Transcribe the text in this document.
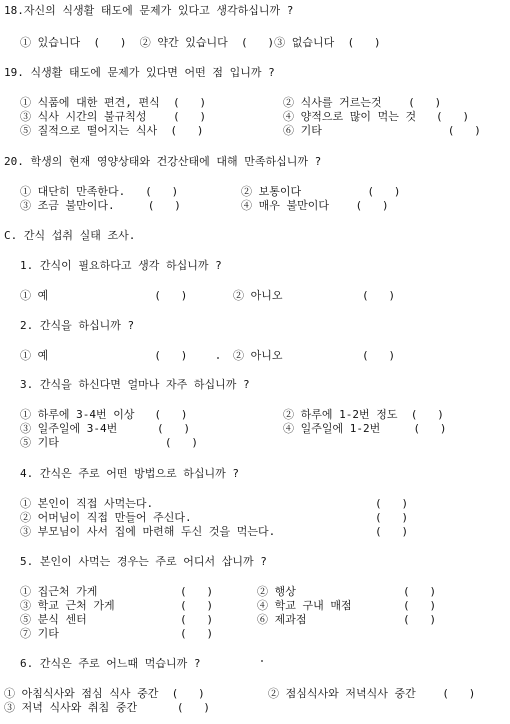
18.자신의 식생활 태도에 문제가 있다고 생각하십니까 ?
① 있습니다  (   )  ② 약간 있습니다  (   )③ 없습니다  (   )
19. 식생활 태도에 문제가 있다면 어떤 점 입니까 ?
① 식품에 대한 편견, 편식  (   )	② 식사를 거르는것    (   )
③ 식사 시간의 불규칙성    (   )	④ 양적으로 많이 먹는 것   (   )
⑤ 질적으로 떨어지는 식사  (   )	⑥ 기타                   (   )
20. 학생의 현재 영양상태와 건강산태에 대해 만족하십니까 ?
① 대단히 만족한다.   (   )	② 보통이다          (   )
③ 조금 불만이다.     (   )	④ 매우 불만이다    (   )
C. 간식 섭취 실태 조사.
1. 간식이 필요하다고 생각 하십니까 ?
① 예                (   )	② 아니오            (   )
2. 간식을 하십니까 ?
① 예                (   )	② 아니오            (   )
3. 간식을 하신다면 얼마나 자주 하십니까 ?
① 하루에 3-4번 이상   (   )	② 하루에 1-2번 정도  (   )
③ 일주일에 3-4번      (   )	④ 일주일에 1-2번     (   )
⑤ 기타                (   )
4. 간식은 주로 어떤 방법으로 하십니까 ?
① 본인이 직접 사먹는다.	(   )
② 어머님이 직접 만들어 주신다.	(   )
③ 부모님이 사서 집에 마련해 두신 것을 먹는다.	(   )
5. 본인이 사먹는 경우는 주로 어디서 삽니까 ?
① 집근처 가게	(   )	② 행상	(   )
③ 학교 근처 가게	(   )	④ 학교 구내 매점	(   )
⑤ 분식 센터	(   )	⑥ 제과점	(   )
⑦ 기타	(   )
6. 간식은 주로 어느때 먹습니까 ?
① 아침식사와 점심 식사 중간  (   )	② 점심식사와 저녁식사 중간    (   )
③ 저녁 식사와 취침 중간      (   )
